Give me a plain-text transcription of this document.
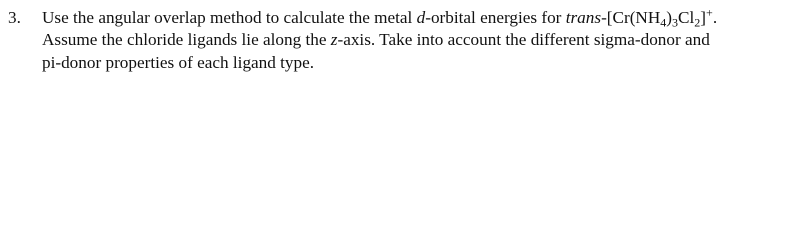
3. Use the angular overlap method to calculate the metal d-orbital energies for trans-$[Cr(NH_4)_3Cl_2]^+$.
Assume the chloride ligands lie along the z-axis. Take into account the different sigma-donor and
pi-donor properties of each ligand type.
